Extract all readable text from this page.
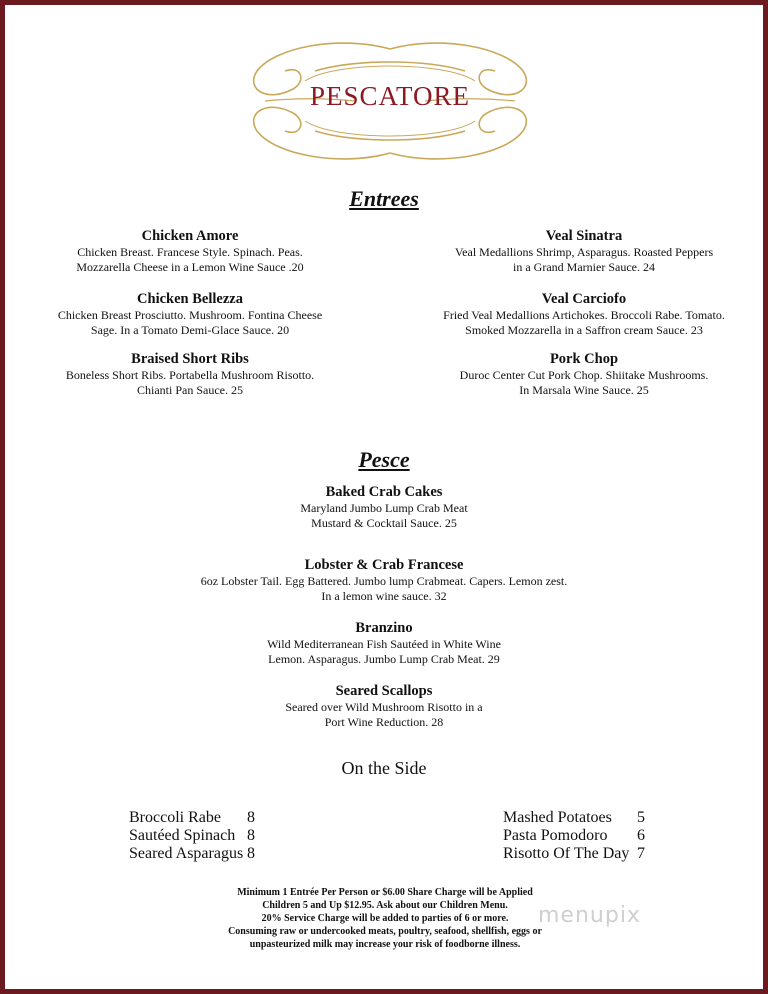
PESCATORE
Entrees
Chicken Amore
Chicken Breast. Francese Style. Spinach. Peas.
Mozzarella Cheese in a Lemon Wine Sauce .20
Chicken Bellezza
Chicken Breast Prosciutto. Mushroom. Fontina Cheese
Sage. In a Tomato Demi-Glace Sauce. 20
Braised Short Ribs
Boneless Short Ribs. Portabella Mushroom Risotto.
Chianti Pan Sauce. 25
Veal Sinatra
Veal Medallions Shrimp, Asparagus. Roasted Peppers
in a Grand Marnier Sauce. 24
Veal Carciofo
Fried Veal Medallions Artichokes. Broccoli Rabe. Tomato.
Smoked Mozzarella in a Saffron cream Sauce. 23
Pork Chop
Duroc Center Cut Pork Chop. Shiitake Mushrooms.
In Marsala Wine Sauce. 25
Pesce
Baked Crab Cakes
Maryland Jumbo Lump Crab Meat
Mustard & Cocktail Sauce. 25
Lobster & Crab Francese
6oz Lobster Tail. Egg Battered. Jumbo lump Crabmeat. Capers. Lemon zest.
In a lemon wine sauce. 32
Branzino
Wild Mediterranean Fish Sautéed in White Wine
Lemon. Asparagus. Jumbo Lump Crab Meat. 29
Seared Scallops
Seared over Wild Mushroom Risotto in a
Port Wine Reduction. 28
On the Side
Broccoli Rabe 8
Sautéed Spinach 8
Seared Asparagus 8
Mashed Potatoes 5
Pasta Pomodoro 6
Risotto Of The Day 7
Minimum 1 Entrée Per Person or $6.00 Share Charge will be Applied
Children 5 and Up $12.95. Ask about our Children Menu.
20% Service Charge will be added to parties of 6 or more.
Consuming raw or undercooked meats, poultry, seafood, shellfish, eggs or
unpasteurized milk may increase your risk of foodborne illness.
menupix
